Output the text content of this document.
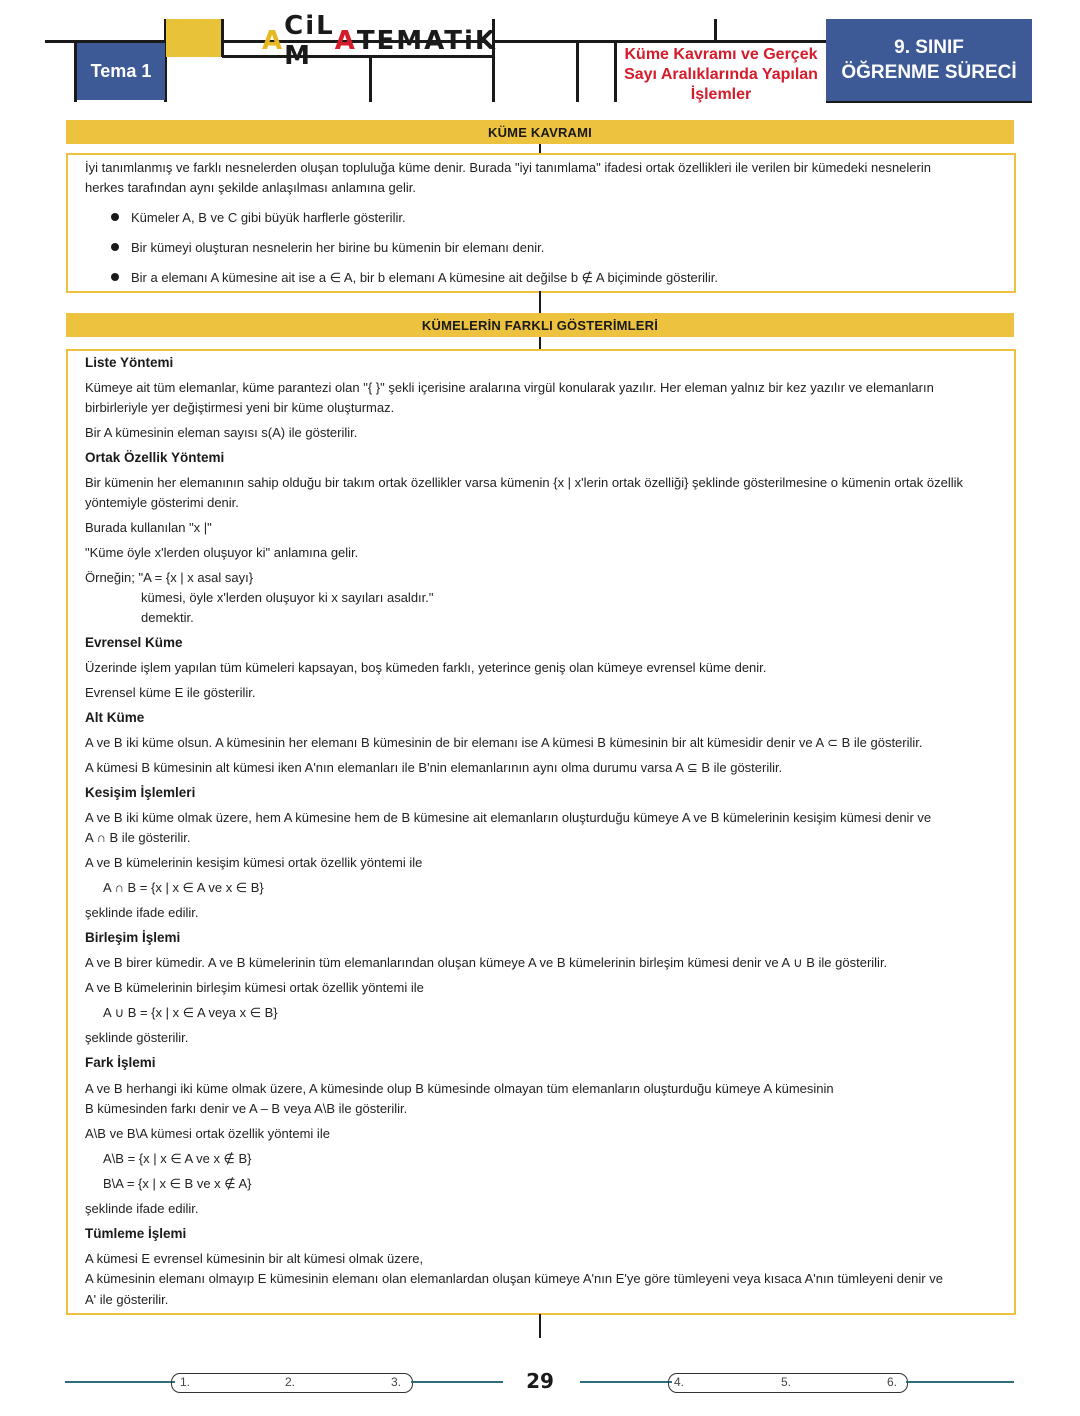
Tema 1
A CiL M A TEMATiK	Küme Kavramı ve Gerçek
Sayı Aralıklarında Yapılan
İşlemler
9. SINIF
ÖĞRENME SÜRECİ
KÜME KAVRAMI
İyi tanımlanmış ve farklı nesnelerden oluşan topluluğa küme denir. Burada "iyi tanımlama" ifadesi ortak özellikleri ile verilen bir kümedeki nesnelerin
herkes tarafından aynı şekilde anlaşılması anlamına gelir.
Kümeler A, B ve C gibi büyük harflerle gösterilir.
Bir kümeyi oluşturan nesnelerin her birine bu kümenin bir elemanı denir.
Bir a elemanı A kümesine ait ise a ∈ A, bir b elemanı A kümesine ait değilse b ∉ A biçiminde gösterilir.
KÜMELERİN FARKLI GÖSTERİMLERİ
Liste Yöntemi
Kümeye ait tüm elemanlar, küme parantezi olan "{ }" şekli içerisine aralarına virgül konularak yazılır. Her eleman yalnız bir kez yazılır ve elemanların
birbirleriyle yer değiştirmesi yeni bir küme oluşturmaz.
Bir A kümesinin eleman sayısı s(A) ile gösterilir.
Ortak Özellik Yöntemi
Bir kümenin her elemanının sahip olduğu bir takım ortak özellikler varsa kümenin {x | x'lerin ortak özelliği} şeklinde gösterilmesine o kümenin ortak özellik
yöntemiyle gösterimi denir.
Burada kullanılan "x |"
"Küme öyle x'lerden oluşuyor ki" anlamına gelir.
Örneğin; "A = {x | x asal sayı}
kümesi, öyle x'lerden oluşuyor ki x sayıları asaldır."
demektir.
Evrensel Küme
Üzerinde işlem yapılan tüm kümeleri kapsayan, boş kümeden farklı, yeterince geniş olan kümeye evrensel küme denir.
Evrensel küme E ile gösterilir.
Alt Küme
A ve B iki küme olsun. A kümesinin her elemanı B kümesinin de bir elemanı ise A kümesi B kümesinin bir alt kümesidir denir ve A ⊂ B ile gösterilir.
A kümesi B kümesinin alt kümesi iken A'nın elemanları ile B'nin elemanlarının aynı olma durumu varsa A ⊆ B ile gösterilir.
Kesişim İşlemleri
A ve B iki küme olmak üzere, hem A kümesine hem de B kümesine ait elemanların oluşturduğu kümeye A ve B kümelerinin kesişim kümesi denir ve
A ∩ B ile gösterilir.
A ve B kümelerinin kesişim kümesi ortak özellik yöntemi ile
A ∩ B = {x | x ∈ A ve x ∈ B}
şeklinde ifade edilir.
Birleşim İşlemi
A ve B birer kümedir. A ve B kümelerinin tüm elemanlarından oluşan kümeye A ve B kümelerinin birleşim kümesi denir ve A ∪ B ile gösterilir.
A ve B kümelerinin birleşim kümesi ortak özellik yöntemi ile
A ∪ B = {x | x ∈ A veya x ∈ B}
şeklinde gösterilir.
Fark İşlemi
A ve B herhangi iki küme olmak üzere, A kümesinde olup B kümesinde olmayan tüm elemanların oluşturduğu kümeye A kümesinin
B kümesinden farkı denir ve A – B veya A\B ile gösterilir.
A\B ve B\A kümesi ortak özellik yöntemi ile
A\B = {x | x ∈ A ve x ∉ B}
B\A = {x | x ∈ B ve x ∉ A}
şeklinde ifade edilir.
Tümleme İşlemi
A kümesi E evrensel kümesinin bir alt kümesi olmak üzere,
A kümesinin elemanı olmayıp E kümesinin elemanı olan elemanlardan oluşan kümeye A'nın E'ye göre tümleyeni veya kısaca A'nın tümleyeni denir ve
A' ile gösterilir.
1.	2.	3.	29	4.	5.	6.
